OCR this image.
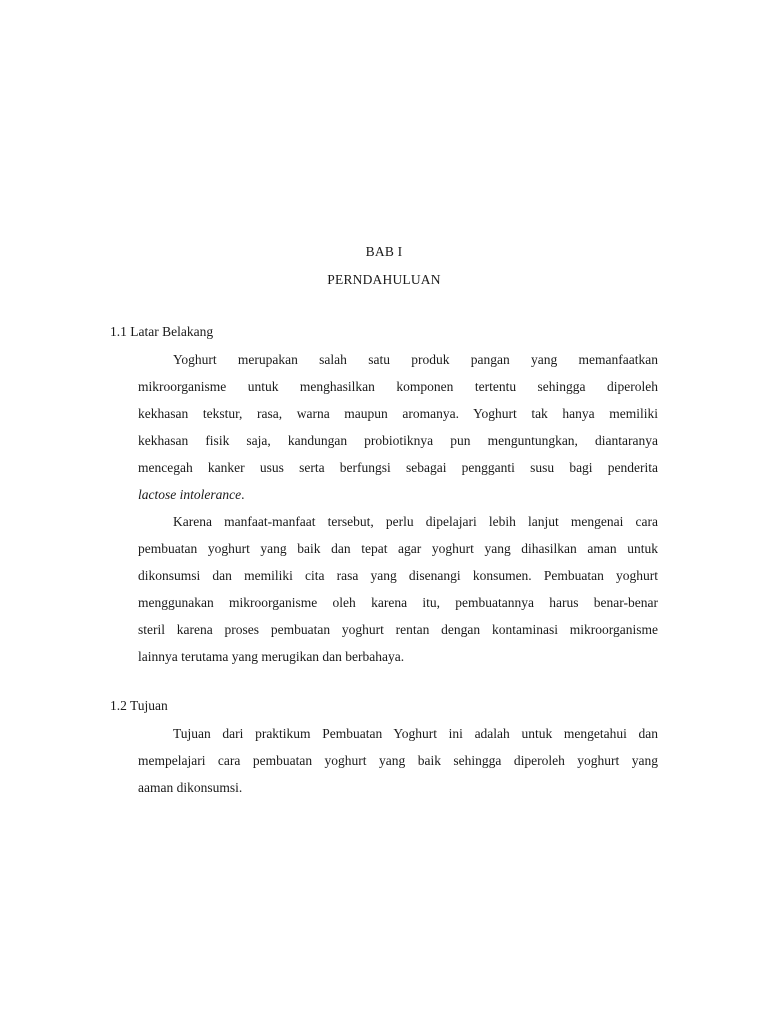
BAB I
PERNDAHULUAN
1.1 Latar Belakang
Yoghurt merupakan salah satu produk pangan yang memanfaatkan
mikroorganisme untuk menghasilkan komponen tertentu sehingga diperoleh
kekhasan tekstur, rasa, warna maupun aromanya. Yoghurt tak hanya memiliki
kekhasan fisik saja, kandungan probiotiknya pun menguntungkan, diantaranya
mencegah kanker usus serta berfungsi sebagai pengganti susu bagi penderita
lactose intolerance.
Karena manfaat-manfaat tersebut, perlu dipelajari lebih lanjut mengenai cara
pembuatan yoghurt yang baik dan tepat agar yoghurt yang dihasilkan aman untuk
dikonsumsi dan memiliki cita rasa yang disenangi konsumen. Pembuatan yoghurt
menggunakan mikroorganisme oleh karena itu, pembuatannya harus benar-benar
steril karena proses pembuatan yoghurt rentan dengan kontaminasi mikroorganisme
lainnya terutama yang merugikan dan berbahaya.
1.2 Tujuan
Tujuan dari praktikum Pembuatan Yoghurt ini adalah untuk mengetahui dan
mempelajari cara pembuatan yoghurt yang baik sehingga diperoleh yoghurt yang
aaman dikonsumsi.
